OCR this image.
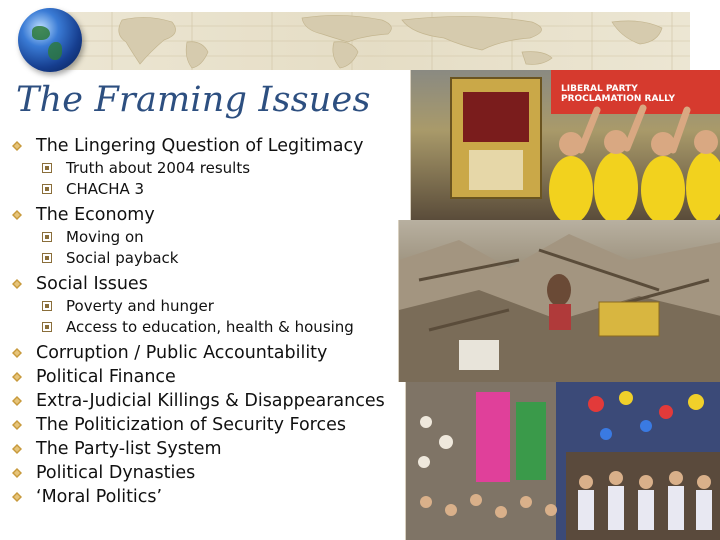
The Framing Issues
The Lingering Question of Legitimacy
Truth about 2004 results
CHACHA 3
The Economy
Moving on
Social payback
Social Issues
Poverty and hunger
Access to education, health & housing
Corruption / Public Accountability
Political Finance
Extra-Judicial Killings & Disappearances
The Politicization of Security Forces
The Party-list System
Political Dynasties
‘Moral Politics’
LIBERAL PARTY PROCLAMATION RALLY
